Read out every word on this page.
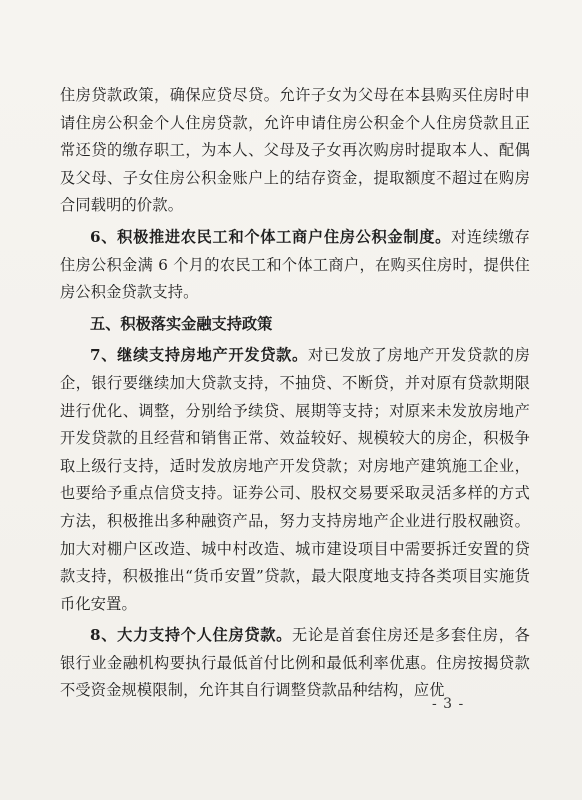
住房贷款政策，确保应贷尽贷。允许子女为父母在本县购买住房时申请住房公积金个人住房贷款，允许申请住房公积金个人住房贷款且正常还贷的缴存职工，为本人、父母及子女再次购房时提取本人、配偶及父母、子女住房公积金账户上的结存资金，提取额度不超过在购房合同载明的价款。

6、积极推进农民工和个体工商户住房公积金制度。对连续缴存住房公积金满 6 个月的农民工和个体工商户，在购买住房时，提供住房公积金贷款支持。

五、积极落实金融支持政策

7、继续支持房地产开发贷款。对已发放了房地产开发贷款的房企，银行要继续加大贷款支持，不抽贷、不断贷，并对原有贷款期限进行优化、调整，分别给予续贷、展期等支持；对原来未发放房地产开发贷款的且经营和销售正常、效益较好、规模较大的房企，积极争取上级行支持，适时发放房地产开发贷款；对房地产建筑施工企业，也要给予重点信贷支持。证券公司、股权交易要采取灵活多样的方式方法，积极推出多种融资产品，努力支持房地产企业进行股权融资。加大对棚户区改造、城中村改造、城市建设项目中需要拆迁安置的贷款支持，积极推出“货币安置”贷款，最大限度地支持各类项目实施货币化安置。

8、大力支持个人住房贷款。无论是首套住房还是多套住房，各银行业金融机构要执行最低首付比例和最低利率优惠。住房按揭贷款不受资金规模限制，允许其自行调整贷款品种结构，应优

- 3 -
